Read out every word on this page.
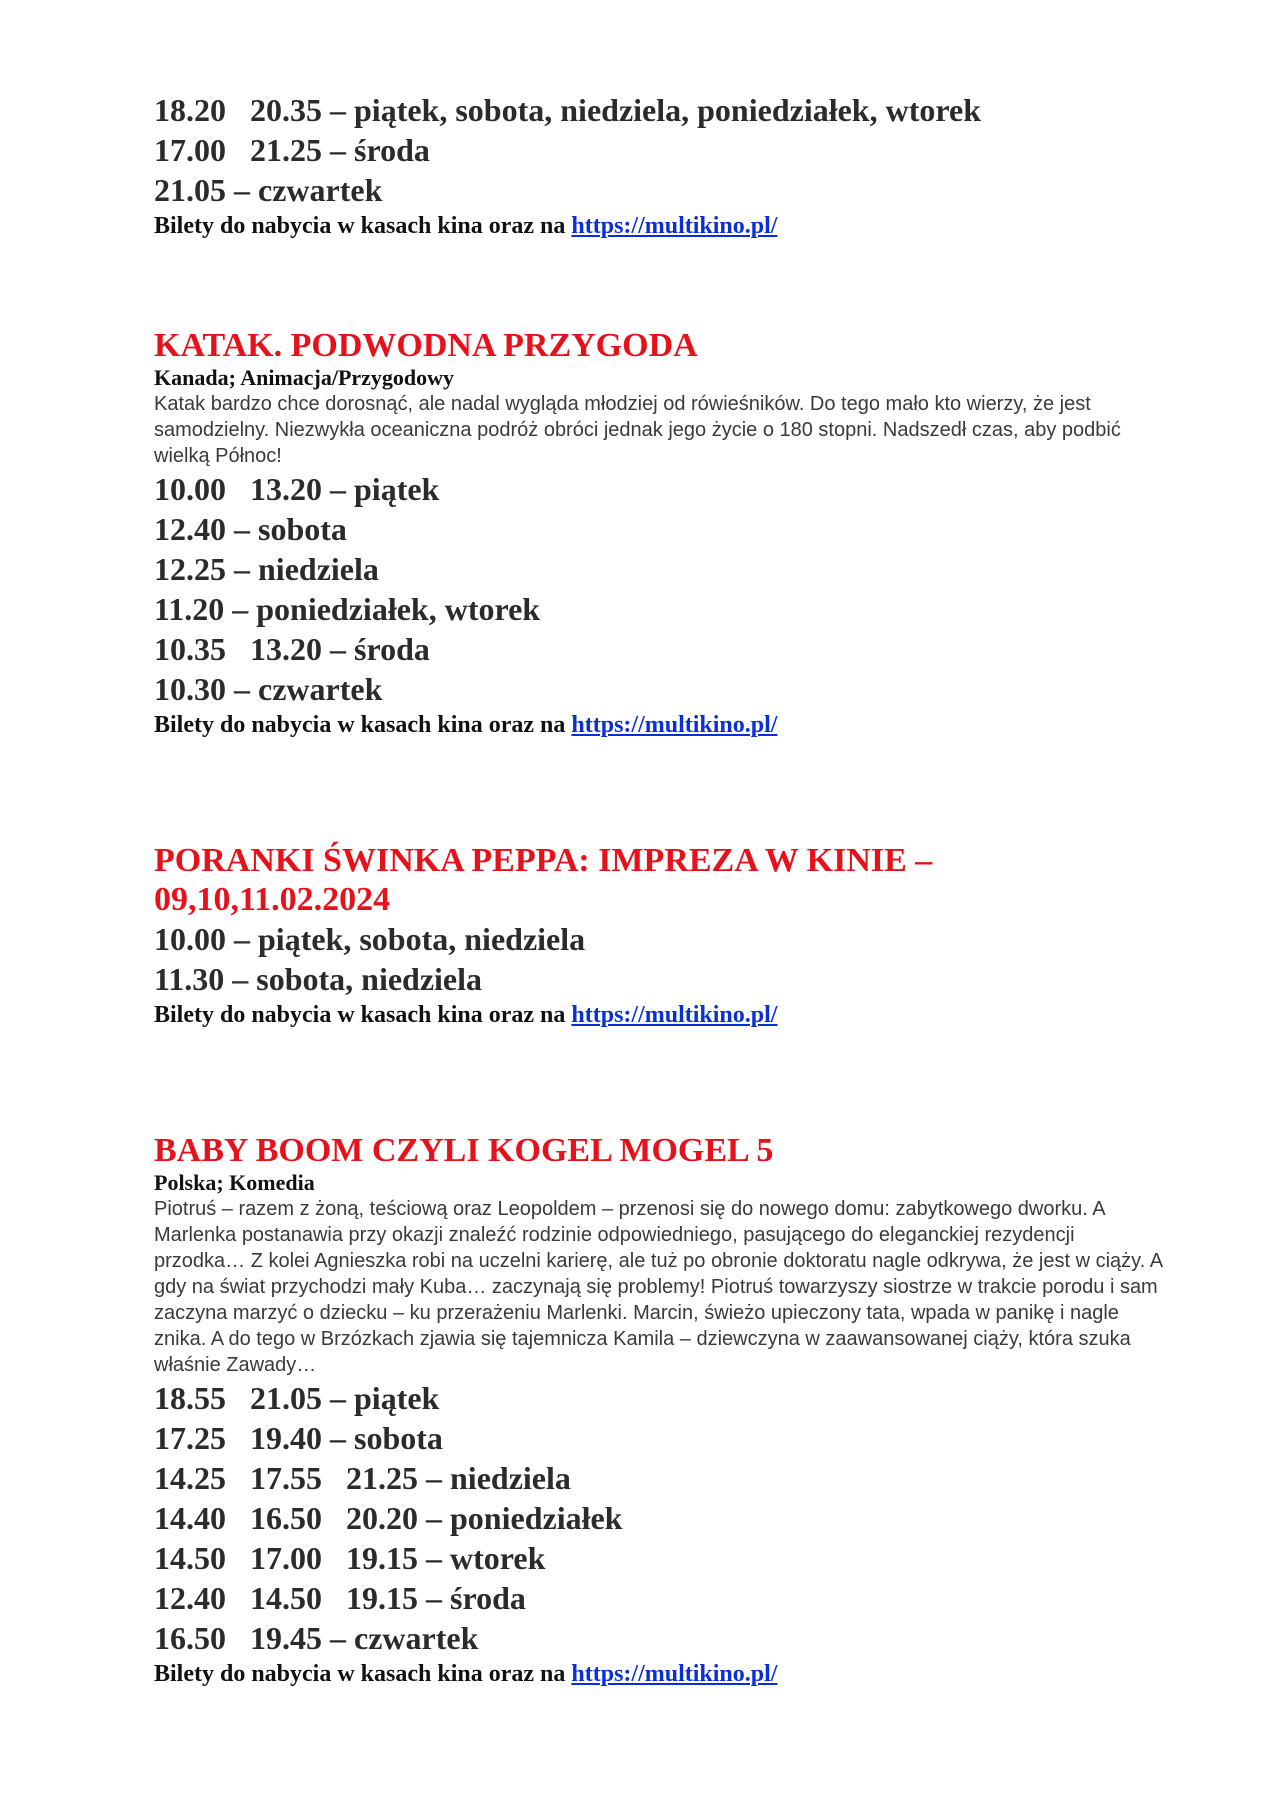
18.20   20.35 – piątek, sobota, niedziela, poniedziałek, wtorek
17.00   21.25 – środa
21.05 – czwartek
Bilety do nabycia w kasach kina oraz na https://multikino.pl/
KATAK. PODWODNA PRZYGODA
Kanada; Animacja/Przygodowy
Katak bardzo chce dorosnąć, ale nadal wygląda młodziej od rówieśników. Do tego mało kto wierzy, że jest samodzielny. Niezwykła oceaniczna podróż obróci jednak jego życie o 180 stopni. Nadszedł czas, aby podbić wielką Północ!
10.00   13.20 – piątek
12.40 – sobota
12.25 – niedziela
11.20 – poniedziałek, wtorek
10.35   13.20 – środa
10.30 – czwartek
Bilety do nabycia w kasach kina oraz na https://multikino.pl/
PORANKI ŚWINKA PEPPA: IMPREZA W KINIE – 09,10,11.02.2024
10.00 – piątek, sobota, niedziela
11.30 – sobota, niedziela
Bilety do nabycia w kasach kina oraz na https://multikino.pl/
BABY BOOM CZYLI KOGEL MOGEL 5
Polska; Komedia
Piotruś – razem z żoną, teściową oraz Leopoldem – przenosi się do nowego domu: zabytkowego dworku. A Marlenka postanawia przy okazji znaleźć rodzinie odpowiedniego, pasującego do eleganckiej rezydencji przodka… Z kolei Agnieszka robi na uczelni karierę, ale tuż po obronie doktoratu nagle odkrywa, że jest w ciąży. A gdy na świat przychodzi mały Kuba… zaczynają się problemy! Piotruś towarzyszy siostrze w trakcie porodu i sam zaczyna marzyć o dziecku – ku przerażeniu Marlenki. Marcin, świeżo upieczony tata, wpada w panikę i nagle znika. A do tego w Brzózkach zjawia się tajemnicza Kamila – dziewczyna w zaawansowanej ciąży, która szuka właśnie Zawady…
18.55   21.05 – piątek
17.25   19.40 – sobota
14.25   17.55   21.25 – niedziela
14.40   16.50   20.20 – poniedziałek
14.50   17.00   19.15 – wtorek
12.40   14.50   19.15 – środa
16.50   19.45 – czwartek
Bilety do nabycia w kasach kina oraz na https://multikino.pl/
